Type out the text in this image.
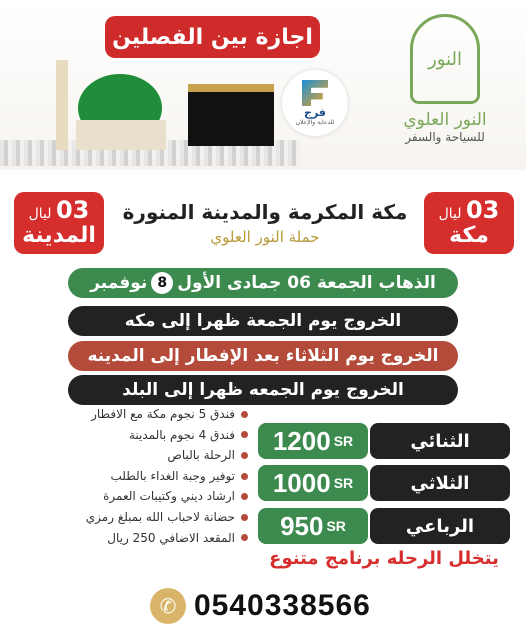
اجازة بين الفصلين
فرج
للدعاية والإعلان
النور
النور العلوي
للسياحة والسفر
03 ليال
مكة
03 ليال
المدينة
مكة المكرمة والمدينة المنورة
حملة النور العلوي
الذهاب الجمعة 06 جمادى الأول
8
نوفمبر
الخروج يوم الجمعة ظهرا إلى مكه
الخروج يوم الثلاثاء بعد الإفطار إلى المدينه
الخروج يوم الجمعه ظهرا إلى البلد
الثنائي
1200 SR
الثلاثي
1000 SR
الرباعي
950 SR
يتخلل الرحله برنامج متنوع
فندق 5 نجوم مكة مع الافطار
فندق 4 نجوم بالمدينة
الرحلة بالباص
توفير وجبة الغداء بالطلب
ارشاد ديني وكتيبات العمرة
حضانة لاحباب الله بمبلغ رمزي
المقعد الاضافي 250 ريال
✆ 0540338566
